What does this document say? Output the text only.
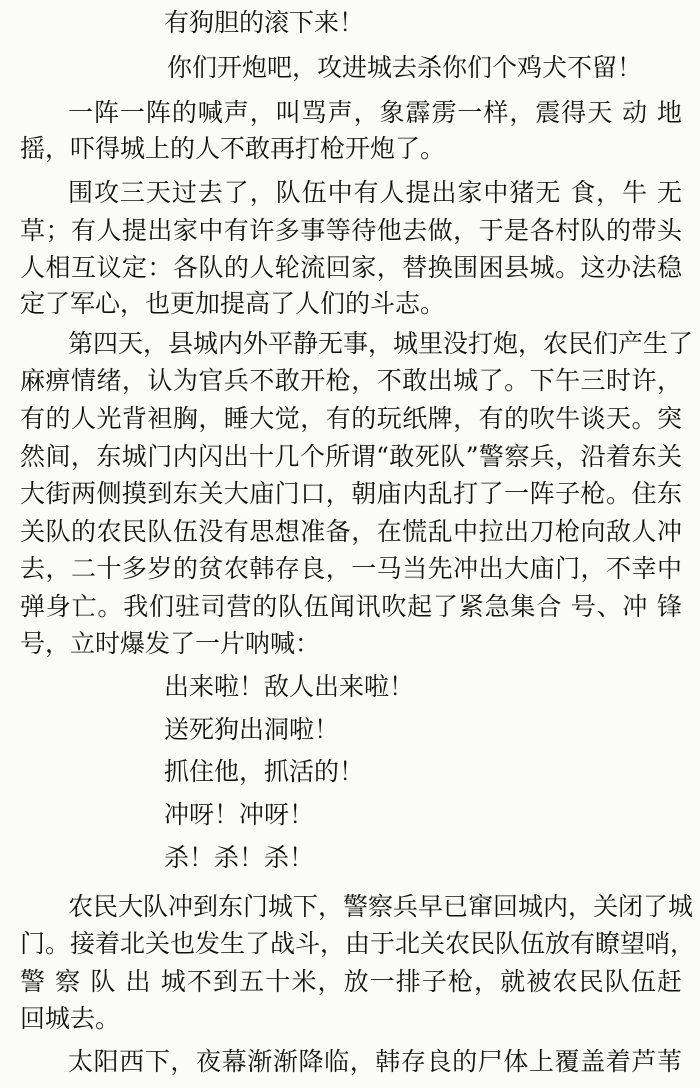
有狗胆的滚下来！
你们开炮吧，攻进城去杀你们个鸡犬不留！
一阵一阵的喊声，叫骂声，象霹雳一样，震得天 动 地
摇，吓得城上的人不敢再打枪开炮了。
围攻三天过去了，队伍中有人提出家中猪无 食，牛 无
草；有人提出家中有许多事等待他去做，于是各村队的带头
人相互议定：各队的人轮流回家，替换围困县城。这办法稳
定了军心，也更加提高了人们的斗志。
第四天，县城内外平静无事，城里没打炮，农民们产生了
麻痹情绪，认为官兵不敢开枪，不敢出城了。下午三时许，
有的人光背袒胸，睡大觉，有的玩纸牌，有的吹牛谈天。突
然间，东城门内闪出十几个所谓“敢死队”警察兵，沿着东关
大街两侧摸到东关大庙门口，朝庙内乱打了一阵子枪。住东
关队的农民队伍没有思想准备，在慌乱中拉出刀枪向敌人冲
去，二十多岁的贫农韩存良，一马当先冲出大庙门，不幸中
弹身亡。我们驻司营的队伍闻讯吹起了紧急集合 号、冲 锋
号，立时爆发了一片呐喊：
出来啦！敌人出来啦！
送死狗出洞啦！
抓住他，抓活的！
冲呀！冲呀！
杀！杀！杀！
农民大队冲到东门城下，警察兵早已窜回城内，关闭了城
门。接着北关也发生了战斗，由于北关农民队伍放有瞭望哨，
警 察 队 出 城不到五十米，放一排子枪，就被农民队伍赶
回城去。
太阳西下，夜幕渐渐降临，韩存良的尸体上覆盖着芦苇
